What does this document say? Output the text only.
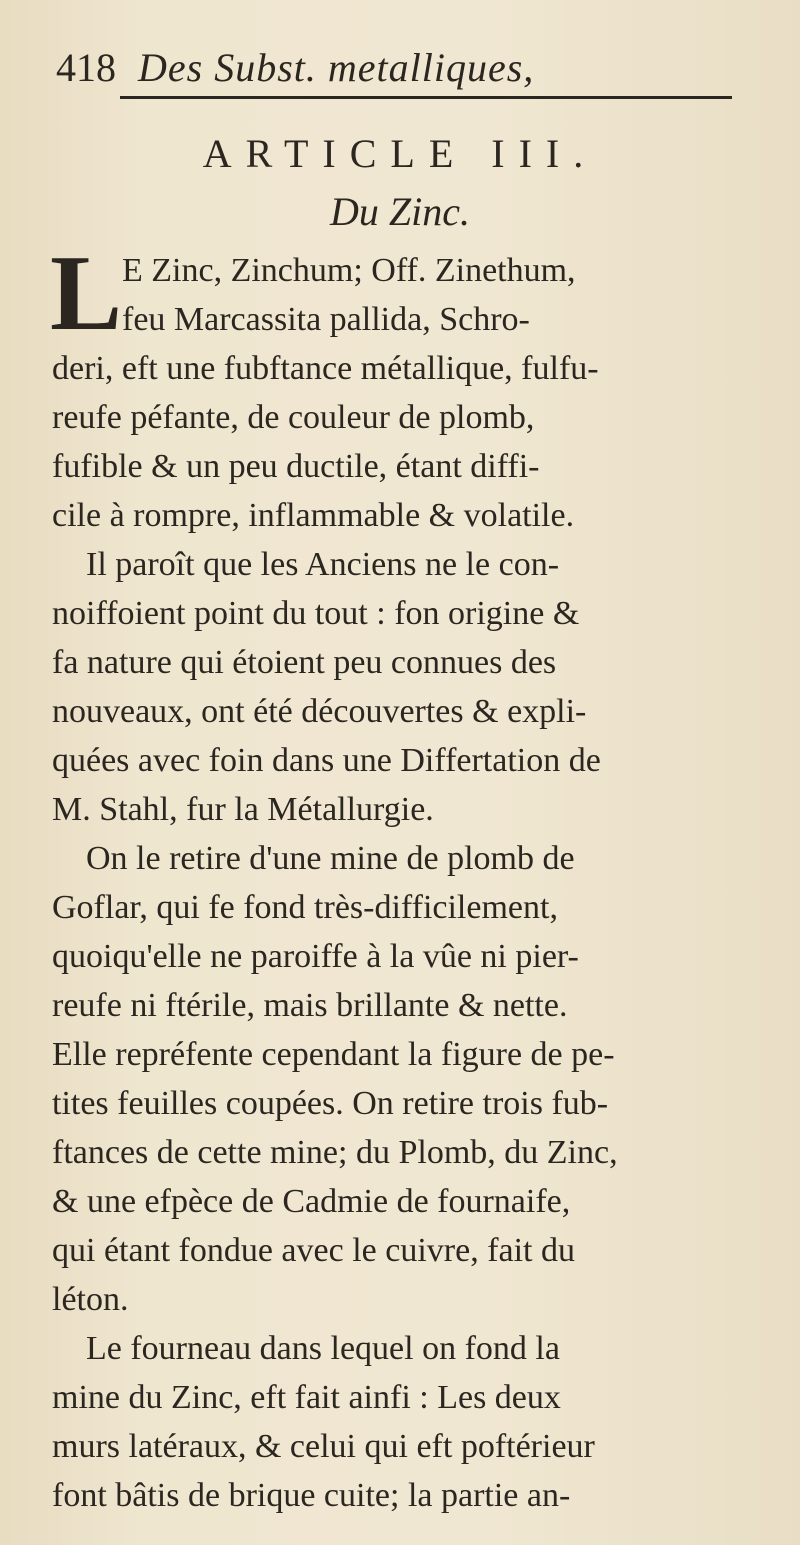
418 Des Subst. metalliques,
ARTICLE III.
Du Zinc.
L E Zinc, Zinchum; Off. Zinethum,
feu Marcassita pallida, Schro-
deri, eft une fubftance métallique, fulfu-
reufe péfante, de couleur de plomb,
fufible & un peu ductile, étant diffi-
cile à rompre, inflammable & volatile.
Il paroît que les Anciens ne le con-
noiffoient point du tout : fon origine &
fa nature qui étoient peu connues des
nouveaux, ont été découvertes & expli-
quées avec foin dans une Differtation de
M. Stahl, fur la Métallurgie.
On le retire d'une mine de plomb de
Goflar, qui fe fond très-difficilement,
quoiqu'elle ne paroiffe à la vûe ni pier-
reufe ni ftérile, mais brillante & nette.
Elle repréfente cependant la figure de pe-
tites feuilles coupées. On retire trois fub-
ftances de cette mine; du Plomb, du Zinc,
& une efpèce de Cadmie de fournaife,
qui étant fondue avec le cuivre, fait du
léton.
Le fourneau dans lequel on fond la
mine du Zinc, eft fait ainfi : Les deux
murs latéraux, & celui qui eft poftérieur
font bâtis de brique cuite; la partie an-
